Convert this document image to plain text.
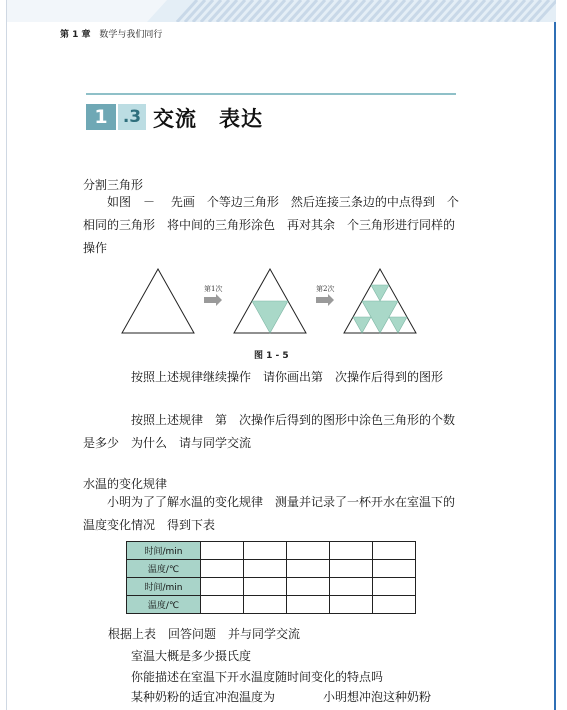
第 1 章 数学与我们同行
1 .3 交流　表达
分割三角形
　　如图　－　 先画　个等边三角形　然后连接三条边的中点得到　个相同的三角形　将中间的三角形涂色　再对其余　个三角形进行同样的操作
第1次	第2次
图 1 - 5
　　　　按照上述规律继续操作　请你画出第　次操作后得到的图形
　　　　按照上述规律　第　次操作后得到的图形中涂色三角形的个数是多少　为什么　请与同学交流
水温的变化规律
　　小明为了了解水温的变化规律　测量并记录了一杯开水在室温下的温度变化情况　得到下表
时间/min					
温度/℃					
时间/min					
温度/℃					
根据上表　回答问题　并与同学交流
室温大概是多少摄氏度
你能描述在室温下开水温度随时间变化的特点吗
某种奶粉的适宜冲泡温度为　　　　小明想冲泡这种奶粉
